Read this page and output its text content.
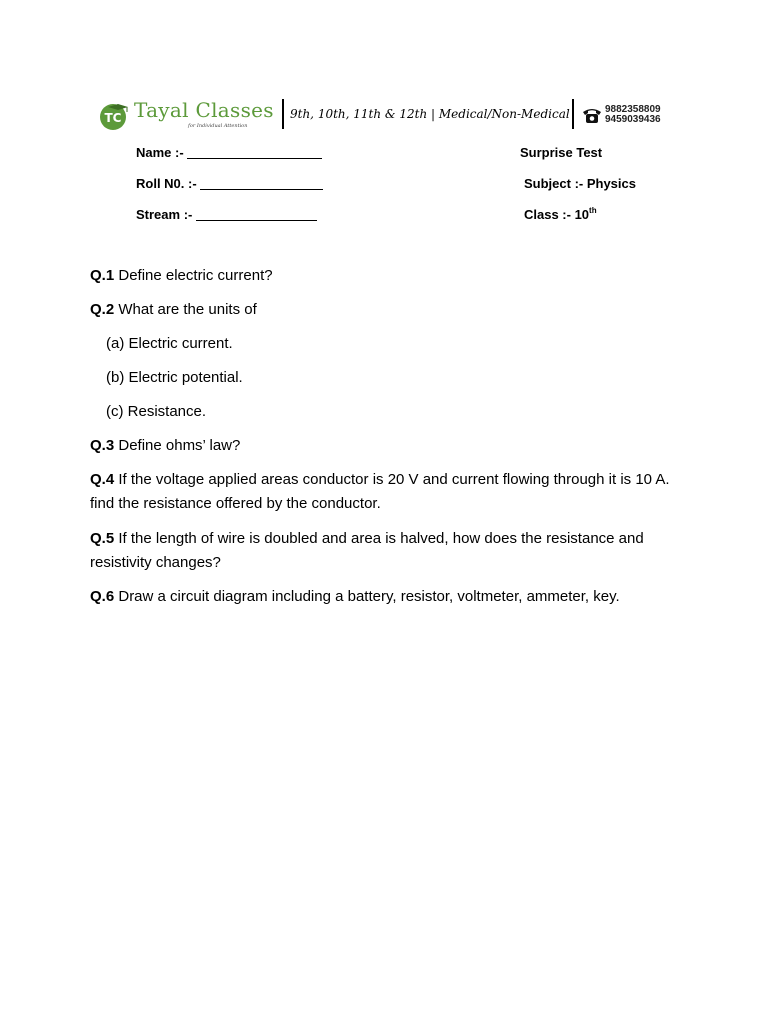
TC Tayal Classes
for Individual Attention
9th, 10th, 11th & 12th | Medical/Non-Medical	9882358809
9459039436
Name :-
Roll N0. :-
Stream :-
Surprise Test
Subject :- Physics
Class :- 10th
Q.1 Define electric current?
Q.2 What are the units of
(a) Electric current.
(b) Electric potential.
(c) Resistance.
Q.3 Define ohms’ law?
Q.4 If the voltage applied areas conductor is 20 V and current flowing through it is 10 A. find the resistance offered by the conductor.
Q.5 If the length of wire is doubled and area is halved, how does the resistance and resistivity changes?
Q.6 Draw a circuit diagram including a battery, resistor, voltmeter, ammeter, key.
